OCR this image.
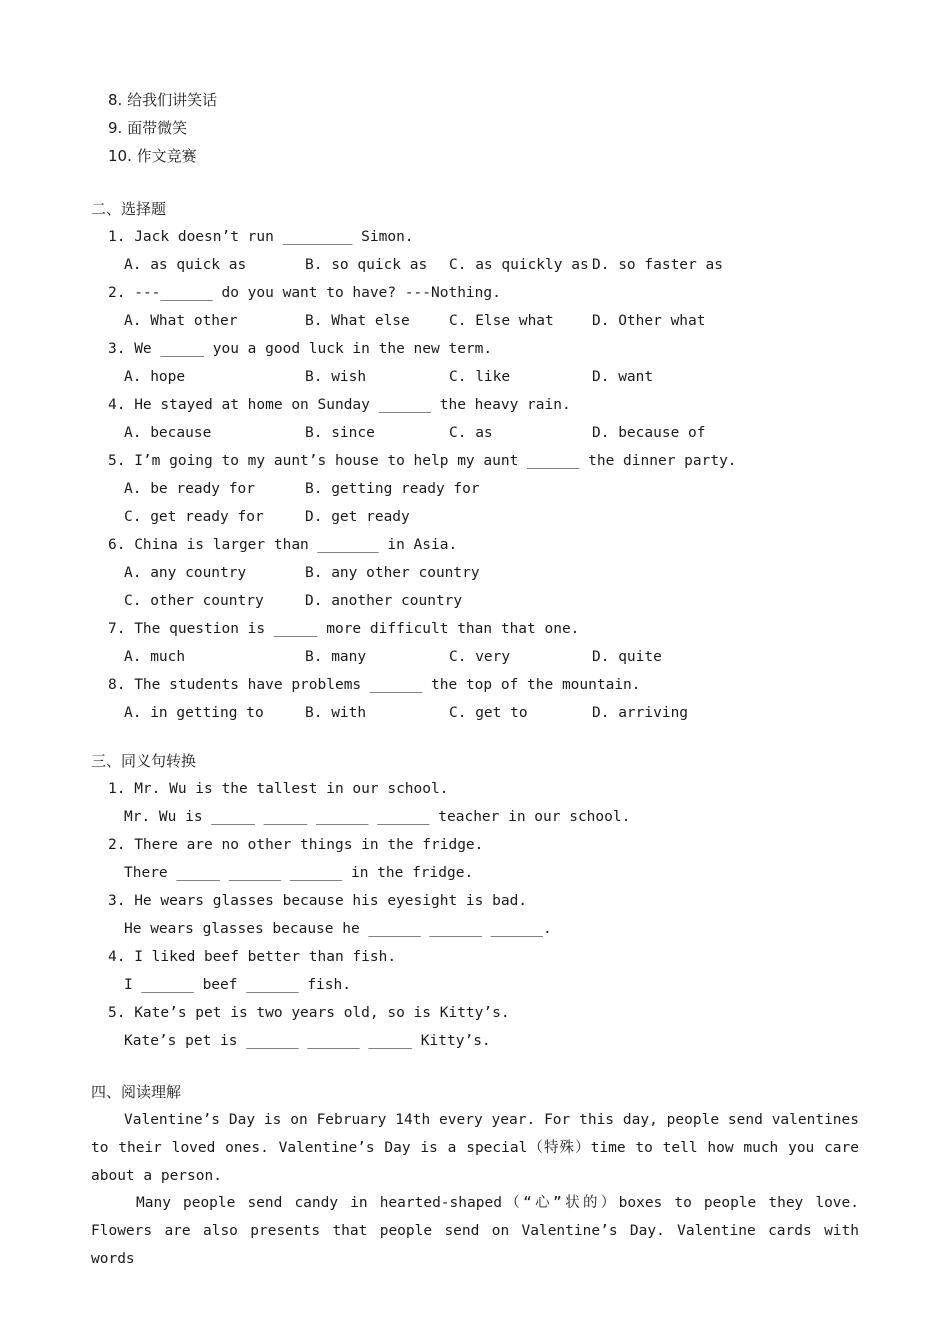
8. 给我们讲笑话
9. 面带微笑
10. 作文竞赛
二、选择题
1. Jack doesn’t run ________ Simon.
A. as quick as	B. so quick as C. as quickly as D. so faster as
2. ---______ do you want to have? ---Nothing.
A. What other	B. What else	C. Else what	D. Other what
3. We _____ you a good luck in the new term.
A. hope	B. wish	C. like	D. want
4. He stayed at home on Sunday ______ the heavy rain.
A. because	B. since	C. as	D. because of
5. I’m going to my aunt’s house to help my aunt ______ the dinner party.
A. be ready for	B. getting ready for
C. get ready for	D. get ready
6. China is larger than _______ in Asia.
A. any country	B. any other country
C. other country	D. another country
7. The question is _____ more difficult than that one.
A. much	B. many	C. very	D. quite
8. The students have problems ______ the top of the mountain.
A. in getting to	B. with	C. get to	D. arriving
三、同义句转换
1. Mr. Wu is the tallest in our school.
Mr. Wu is _____ _____ ______ ______ teacher in our school.
2. There are no other things in the fridge.
There _____ ______ ______ in the fridge.
3. He wears glasses because his eyesight is bad.
He wears glasses because he ______ ______ ______.
4. I liked beef better than fish.
I ______ beef ______ fish.
5. Kate’s pet is two years old, so is Kitty’s.
Kate’s pet is ______ ______ _____ Kitty’s.
四、阅读理解
Valentine’s Day is on February 14th every year. For this day, people send valentines to their loved ones. Valentine’s Day is a special（特殊）time to tell how much you care about a person.
Many people send candy in hearted-shaped（“心”状的）boxes to people they love.
Flowers are also presents that people send on Valentine’s Day. Valentine cards with words
